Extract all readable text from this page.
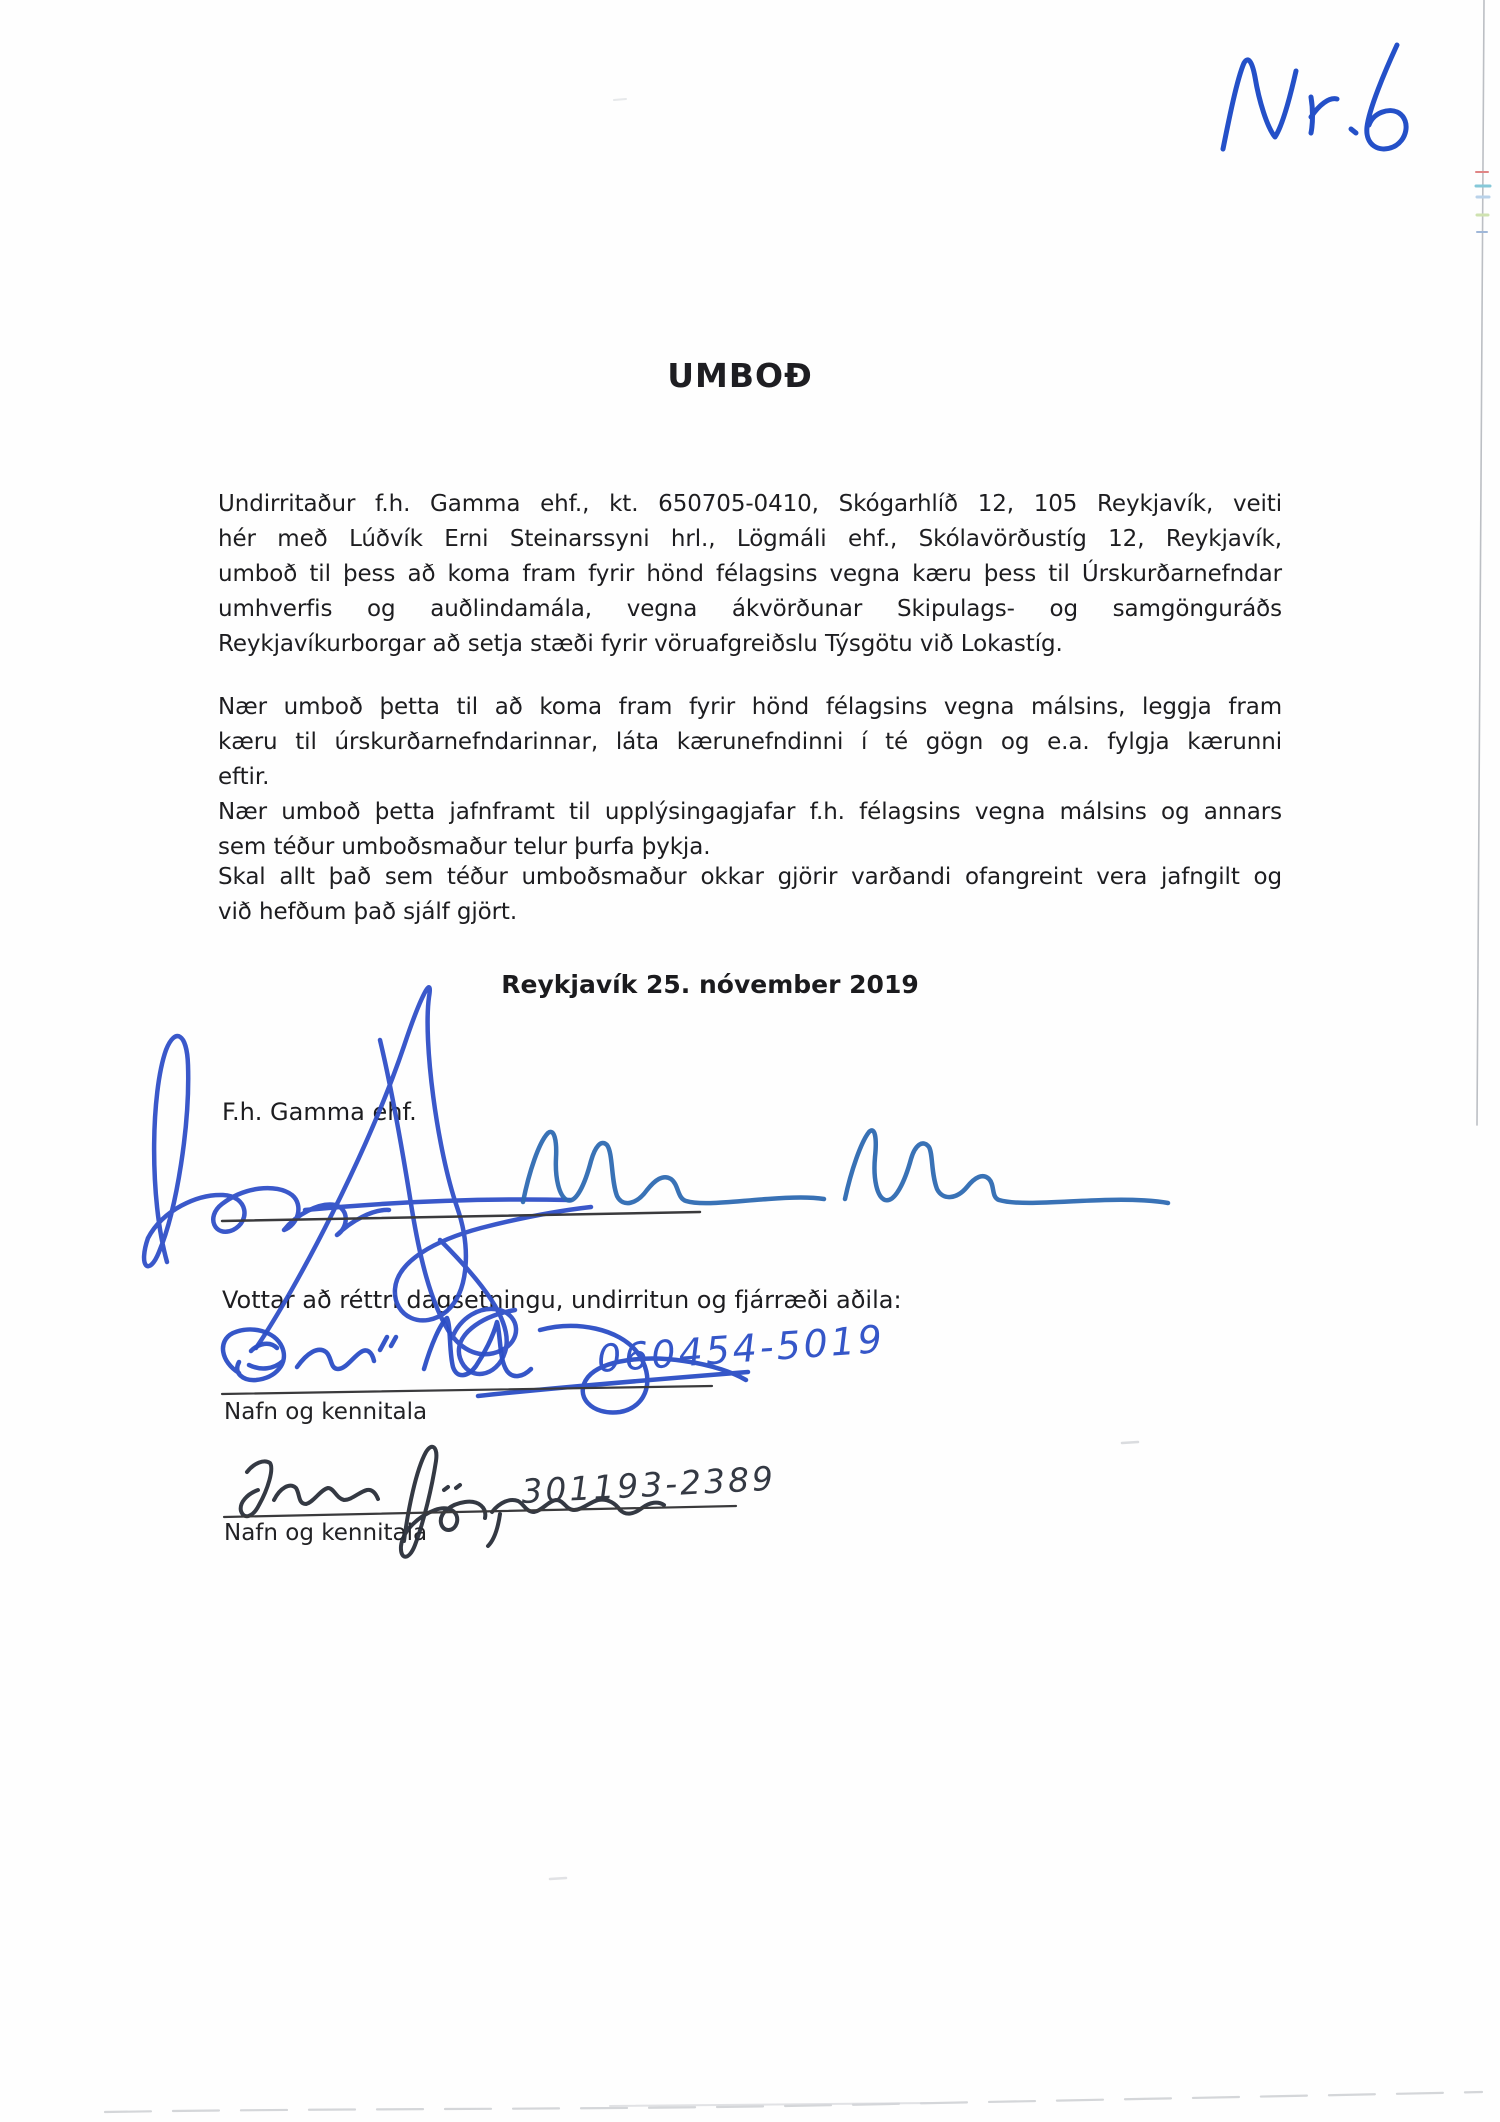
UMBOÐ
Undirritaður f.h. Gamma ehf., kt. 650705-0410, Skógarhlíð 12, 105 Reykjavík, veiti
hér með Lúðvík Erni Steinarssyni hrl., Lögmáli ehf., Skólavörðustíg 12, Reykjavík,
umboð til þess að koma fram fyrir hönd félagsins vegna kæru þess til Úrskurðarnefndar
umhverfis og auðlindamála, vegna ákvörðunar Skipulags- og samgönguráðs
Reykjavíkurborgar að setja stæði fyrir vöruafgreiðslu Týsgötu við Lokastíg.
Nær umboð þetta til að koma fram fyrir hönd félagsins vegna málsins, leggja fram
kæru til úrskurðarnefndarinnar, láta kærunefndinni í té gögn og e.a. fylgja kærunni
eftir.
Nær umboð þetta jafnframt til upplýsingagjafar f.h. félagsins vegna málsins og annars
sem téður umboðsmaður telur þurfa þykja.
Skal allt það sem téður umboðsmaður okkar gjörir varðandi ofangreint vera jafngilt og
við hefðum það sjálf gjört.
Reykjavík 25. nóvember 2019
F.h. Gamma ehf.
Vottar að réttri dagsetningu, undirritun og fjárræði aðila:
Nafn og kennitala
Nafn og kennitala
060454-5019
301193-2389
